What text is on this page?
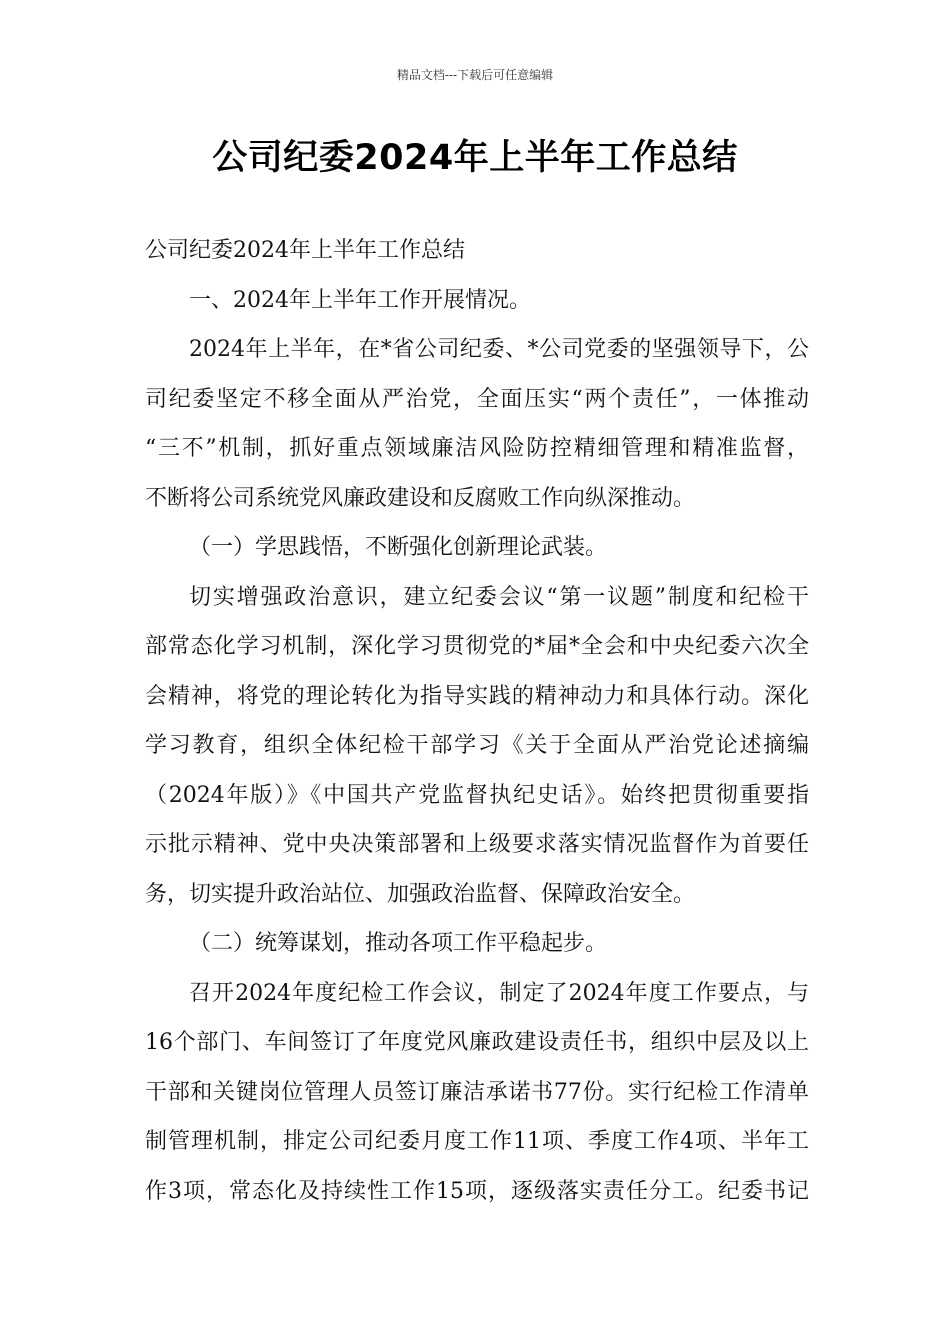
精品文档---下载后可任意编辑
公司纪委2024年上半年工作总结
公司纪委2024年上半年工作总结
一、2024年上半年工作开展情况。
2024年上半年，在*省公司纪委、*公司党委的坚强领导下，公
司纪委坚定不移全面从严治党，全面压实“两个责任”，一体推动
“三不”机制，抓好重点领域廉洁风险防控精细管理和精准监督，
不断将公司系统党风廉政建设和反腐败工作向纵深推动。
（一）学思践悟，不断强化创新理论武装。
切实增强政治意识，建立纪委会议“第一议题”制度和纪检干
部常态化学习机制，深化学习贯彻党的*届*全会和中央纪委六次全
会精神，将党的理论转化为指导实践的精神动力和具体行动。深化
学习教育，组织全体纪检干部学习《关于全面从严治党论述摘编
（2024年版）》《中国共产党监督执纪史话》。始终把贯彻重要指
示批示精神、党中央决策部署和上级要求落实情况监督作为首要任
务，切实提升政治站位、加强政治监督、保障政治安全。
（二）统筹谋划，推动各项工作平稳起步。
召开2024年度纪检工作会议，制定了2024年度工作要点，与
16个部门、车间签订了年度党风廉政建设责任书，组织中层及以上
干部和关键岗位管理人员签订廉洁承诺书77份。实行纪检工作清单
制管理机制，排定公司纪委月度工作11项、季度工作4项、半年工
作3项，常态化及持续性工作15项，逐级落实责任分工。纪委书记
